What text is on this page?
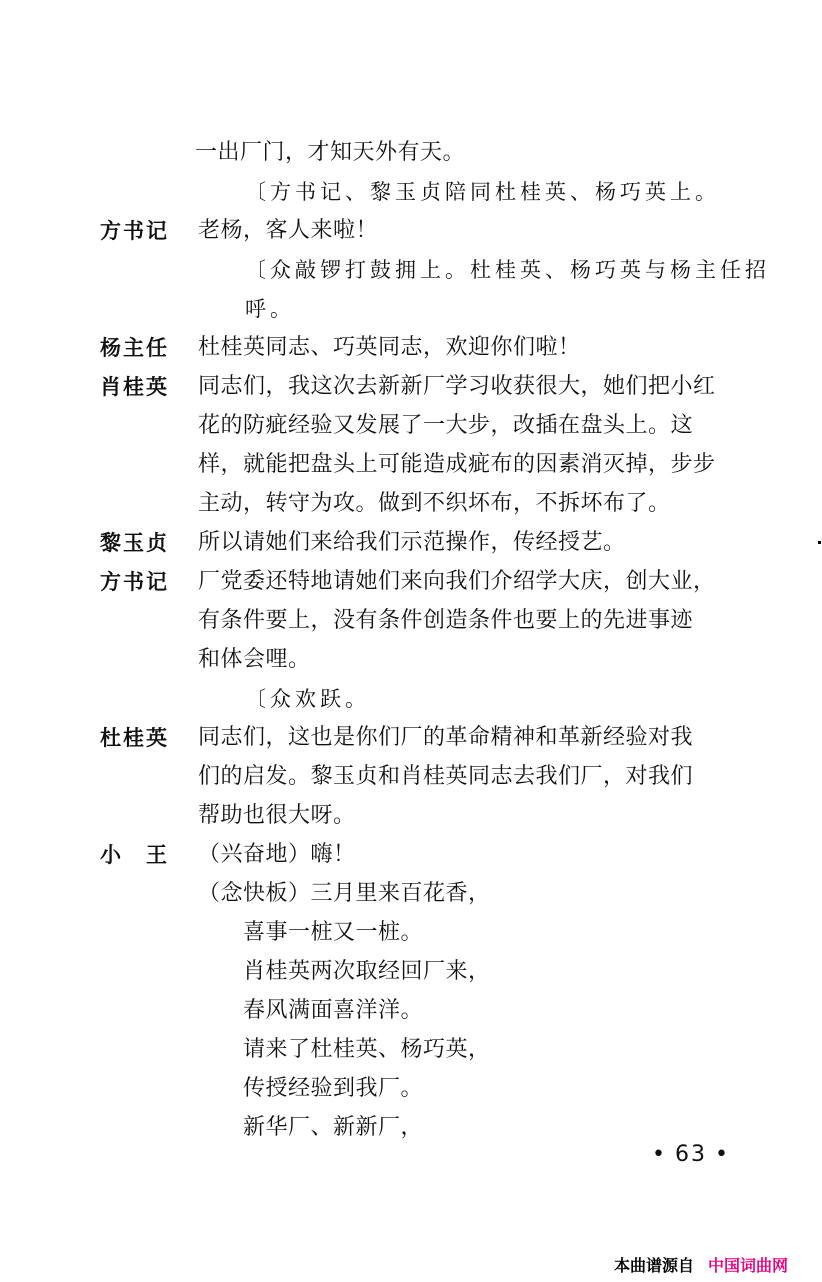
一出厂门，才知天外有天。
〔方书记、黎玉贞陪同杜桂英、杨巧英上。
方书记 老杨，客人来啦！
〔众敲锣打鼓拥上。杜桂英、杨巧英与杨主任招
呼。
杨主任 杜桂英同志、巧英同志，欢迎你们啦！
肖桂英 同志们，我这次去新新厂学习收获很大，她们把小红
花的防疵经验又发展了一大步，改插在盘头上。这
样，就能把盘头上可能造成疵布的因素消灭掉，步步
主动，转守为攻。做到不织坏布，不拆坏布了。
黎玉贞 所以请她们来给我们示范操作，传经授艺。
方书记 厂党委还特地请她们来向我们介绍学大庆，创大业，
有条件要上，没有条件创造条件也要上的先进事迹
和体会哩。
〔众欢跃。
杜桂英 同志们，这也是你们厂的革命精神和革新经验对我
们的启发。黎玉贞和肖桂英同志去我们厂，对我们
帮助也很大呀。
小　王 （兴奋地）嗨！
（念快板）三月里来百花香，
喜事一桩又一桩。
肖桂英两次取经回厂来，
春风满面喜洋洋。
请来了杜桂英、杨巧英，
传授经验到我厂。
新华厂、新新厂，
• 63 •
本曲谱源自 中国词曲网
